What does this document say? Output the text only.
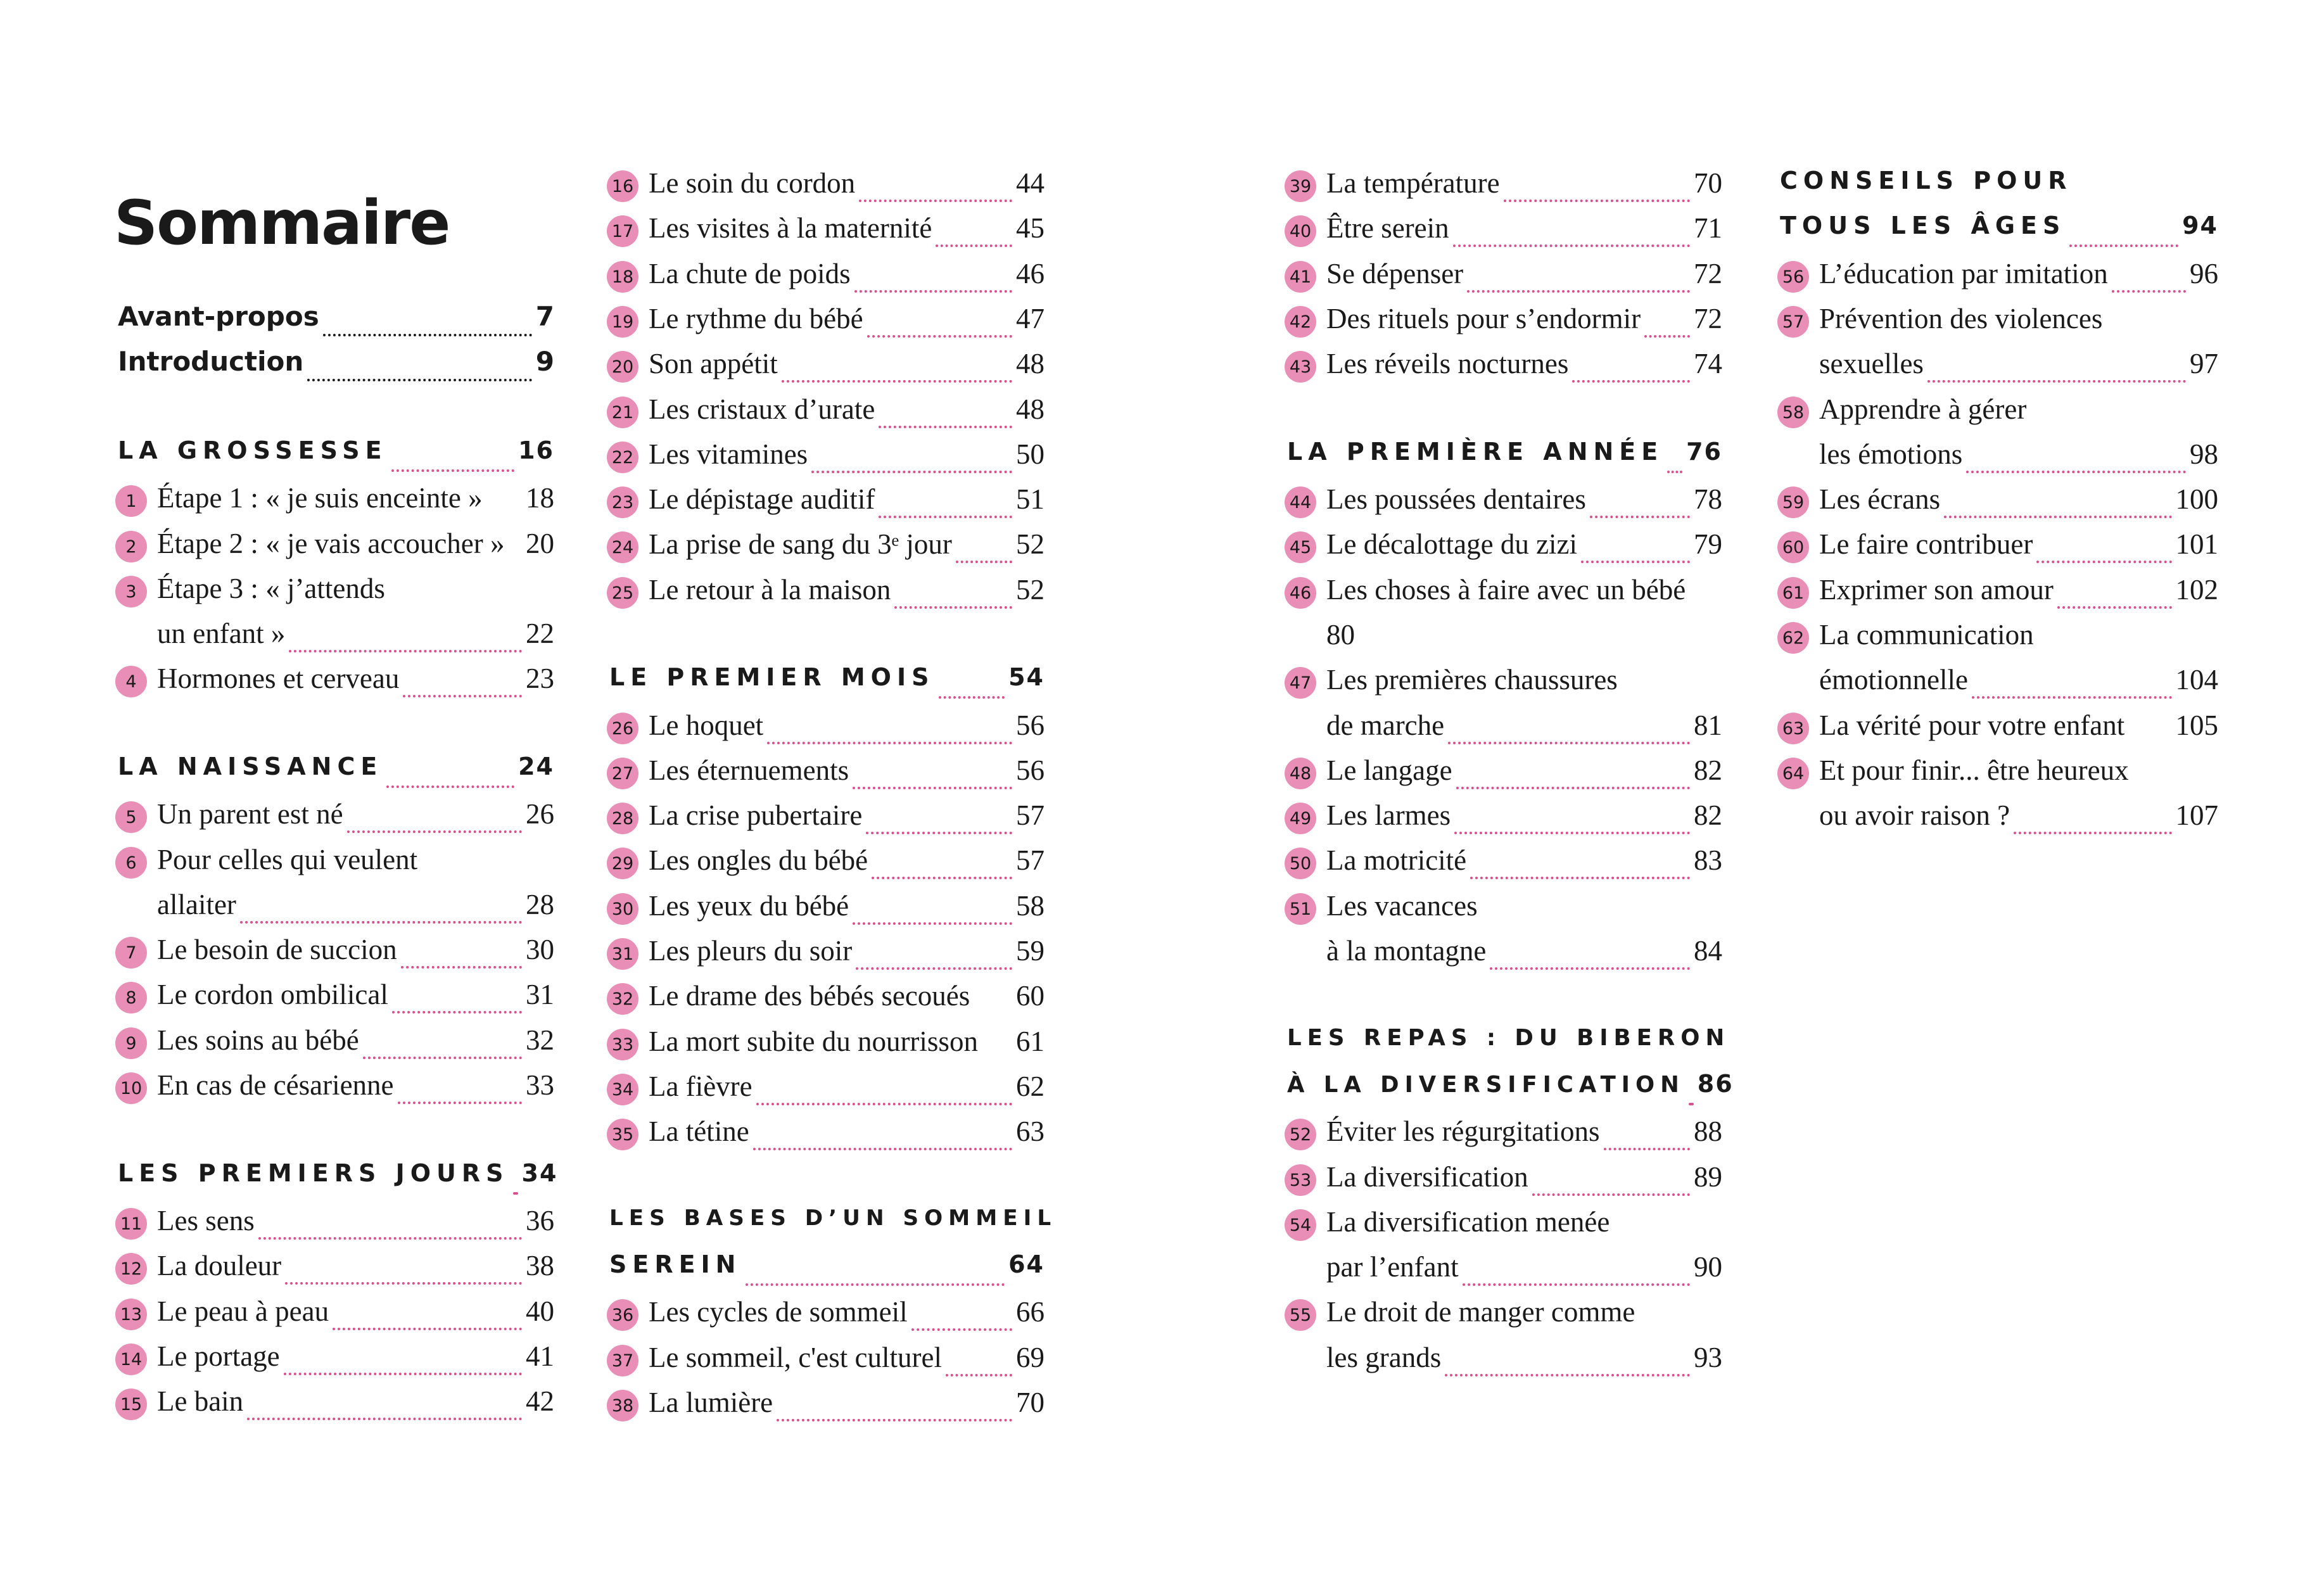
Sommaire
Avant-propos	7
Introduction	9
LA GROSSESSE	16
1 Étape 1 : « je suis enceinte » 18
2 Étape 2 : « je vais accoucher » 20
3 Étape 3 : « j’attends
un enfant »	22
4 Hormones et cerveau	23
LA NAISSANCE	24
5 Un parent est né	26
6 Pour celles qui veulent
allaiter	28
7 Le besoin de succion	30
8 Le cordon ombilical	31
9 Les soins au bébé	32
10 En cas de césarienne	33
LES PREMIERS JOURS 34
11 Les sens	36
12 La douleur	38
13 Le peau à peau	40
14 Le portage	41
15 Le bain	42
16 Le soin du cordon	44
17 Les visites à la maternité	45
18 La chute de poids	46
19 Le rythme du bébé	47
20 Son appétit	48
21 Les cristaux d’urate	48
22 Les vitamines	50
23 Le dépistage auditif	51
24 La prise de sang du 3ᵉ jour 52
25 Le retour à la maison	52
LE PREMIER MOIS	54
26 Le hoquet	56
27 Les éternuements	56
28 La crise pubertaire	57
29 Les ongles du bébé	57
30 Les yeux du bébé	58
31 Les pleurs du soir	59
32 Le drame des bébés secoués 60
33 La mort subite du nourrisson 61
34 La fièvre	62
35 La tétine	63
LES BASES D’UN SOMMEIL
SEREIN	64
36 Les cycles de sommeil	66
37 Le sommeil, c'est culturel	69
38 La lumière	70
39 La température	70
40 Être serein	71
41 Se dépenser	72
42 Des rituels pour s’endormir 72
43 Les réveils nocturnes	74
LA PREMIÈRE ANNÉE 76
44 Les poussées dentaires	78
45 Le décalottage du zizi	79
46 Les choses à faire avec un bébé
80
47 Les premières chaussures
de marche	81
48 Le langage	82
49 Les larmes	82
50 La motricité	83
51 Les vacances
à la montagne	84
LES REPAS : DU BIBERON
À LA DIVERSIFICATION 86
52 Éviter les régurgitations	88
53 La diversification	89
54 La diversification menée
par l’enfant	90
55 Le droit de manger comme
les grands	93
CONSEILS POUR
TOUS LES ÂGES	94
56 L’éducation par imitation	96
57 Prévention des violences
sexuelles	97
58 Apprendre à gérer
les émotions	98
59 Les écrans	100
60 Le faire contribuer	101
61 Exprimer son amour	102
62 La communication
émotionnelle	104
63 La vérité pour votre enfant 105
64 Et pour finir... être heureux
ou avoir raison ?	107
